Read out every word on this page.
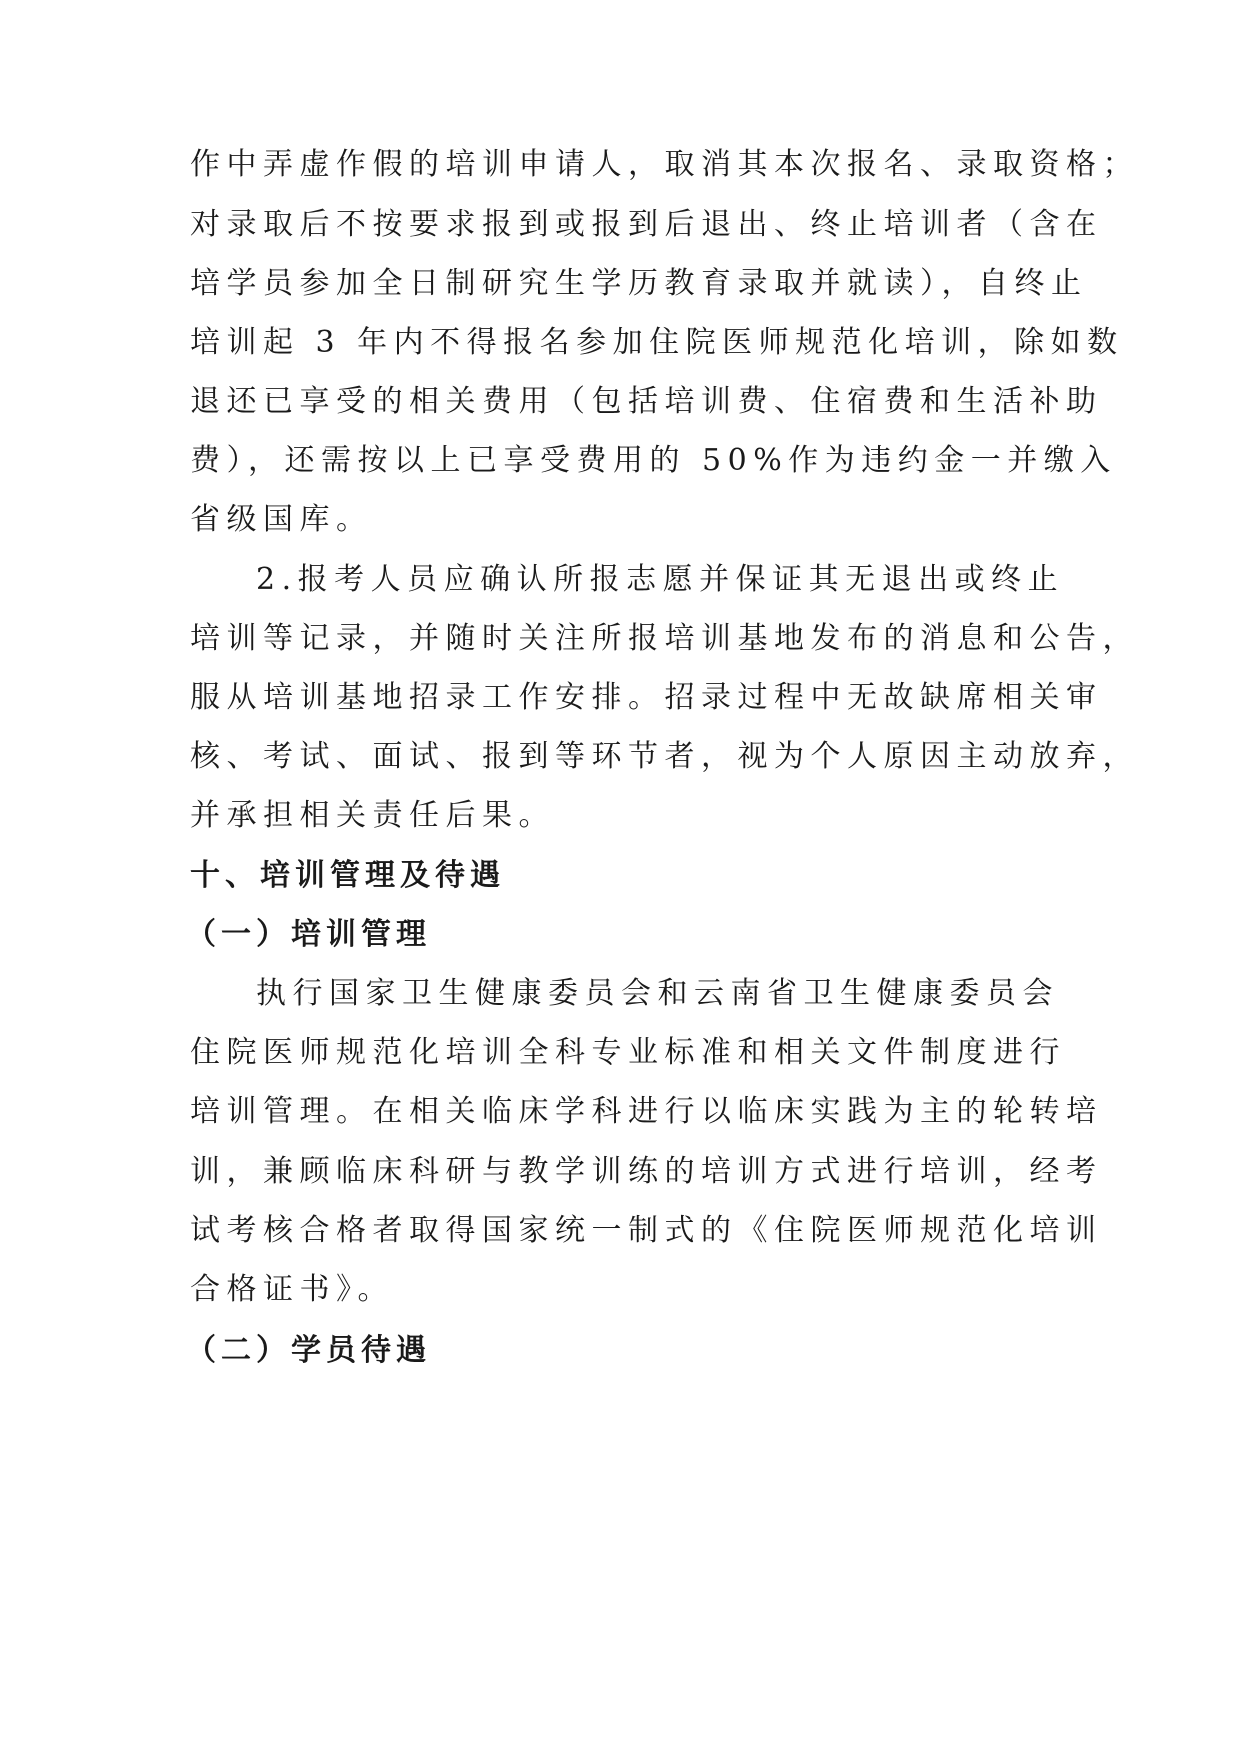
作中弄虚作假的培训申请人，取消其本次报名、录取资格；
对录取后不按要求报到或报到后退出、终止培训者（含在
培学员参加全日制研究生学历教育录取并就读），自终止
培训起 3 年内不得报名参加住院医师规范化培训，除如数
退还已享受的相关费用（包括培训费、住宿费和生活补助
费），还需按以上已享受费用的 50%作为违约金一并缴入
省级国库。
2.报考人员应确认所报志愿并保证其无退出或终止
培训等记录，并随时关注所报培训基地发布的消息和公告，
服从培训基地招录工作安排。招录过程中无故缺席相关审
核、考试、面试、报到等环节者，视为个人原因主动放弃，
并承担相关责任后果。
十、培训管理及待遇
（一）培训管理
执行国家卫生健康委员会和云南省卫生健康委员会
住院医师规范化培训全科专业标准和相关文件制度进行
培训管理。在相关临床学科进行以临床实践为主的轮转培
训，兼顾临床科研与教学训练的培训方式进行培训，经考
试考核合格者取得国家统一制式的《住院医师规范化培训
合格证书》。
（二）学员待遇
